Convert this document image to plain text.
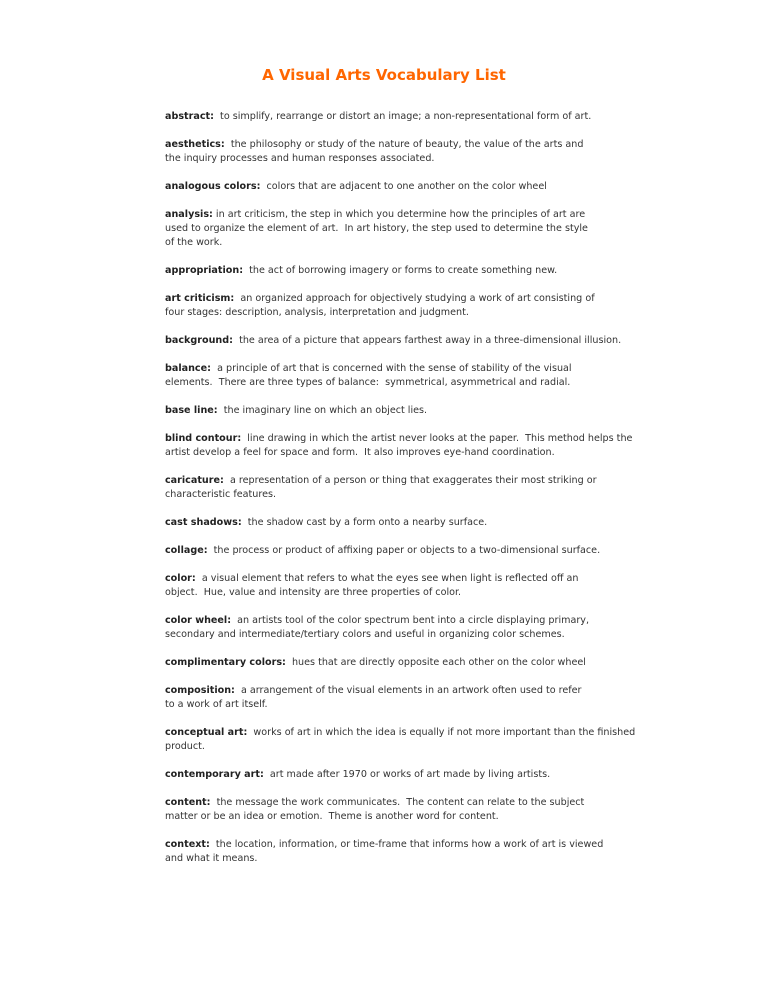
A Visual Arts Vocabulary List
abstract:  to simplify, rearrange or distort an image; a non-representational form of art.
aesthetics:  the philosophy or study of the nature of beauty, the value of the arts and
the inquiry processes and human responses associated.
analogous colors:  colors that are adjacent to one another on the color wheel
analysis: in art criticism, the step in which you determine how the principles of art are
used to organize the element of art.  In art history, the step used to determine the style
of the work.
appropriation:  the act of borrowing imagery or forms to create something new.
art criticism:  an organized approach for objectively studying a work of art consisting of
four stages: description, analysis, interpretation and judgment.
background:  the area of a picture that appears farthest away in a three-dimensional illusion.
balance:  a principle of art that is concerned with the sense of stability of the visual
elements.  There are three types of balance:  symmetrical, asymmetrical and radial.
base line:  the imaginary line on which an object lies.
blind contour:  line drawing in which the artist never looks at the paper.  This method helps the
artist develop a feel for space and form.  It also improves eye-hand coordination.
caricature:  a representation of a person or thing that exaggerates their most striking or
characteristic features.
cast shadows:  the shadow cast by a form onto a nearby surface.
collage:  the process or product of affixing paper or objects to a two-dimensional surface.
color:  a visual element that refers to what the eyes see when light is reflected off an
object.  Hue, value and intensity are three properties of color.
color wheel:  an artists tool of the color spectrum bent into a circle displaying primary,
secondary and intermediate/tertiary colors and useful in organizing color schemes.
complimentary colors:  hues that are directly opposite each other on the color wheel
composition:  a arrangement of the visual elements in an artwork often used to refer
to a work of art itself.
conceptual art:  works of art in which the idea is equally if not more important than the finished
product.
contemporary art:  art made after 1970 or works of art made by living artists.
content:  the message the work communicates.  The content can relate to the subject
matter or be an idea or emotion.  Theme is another word for content.
context:  the location, information, or time-frame that informs how a work of art is viewed
and what it means.
